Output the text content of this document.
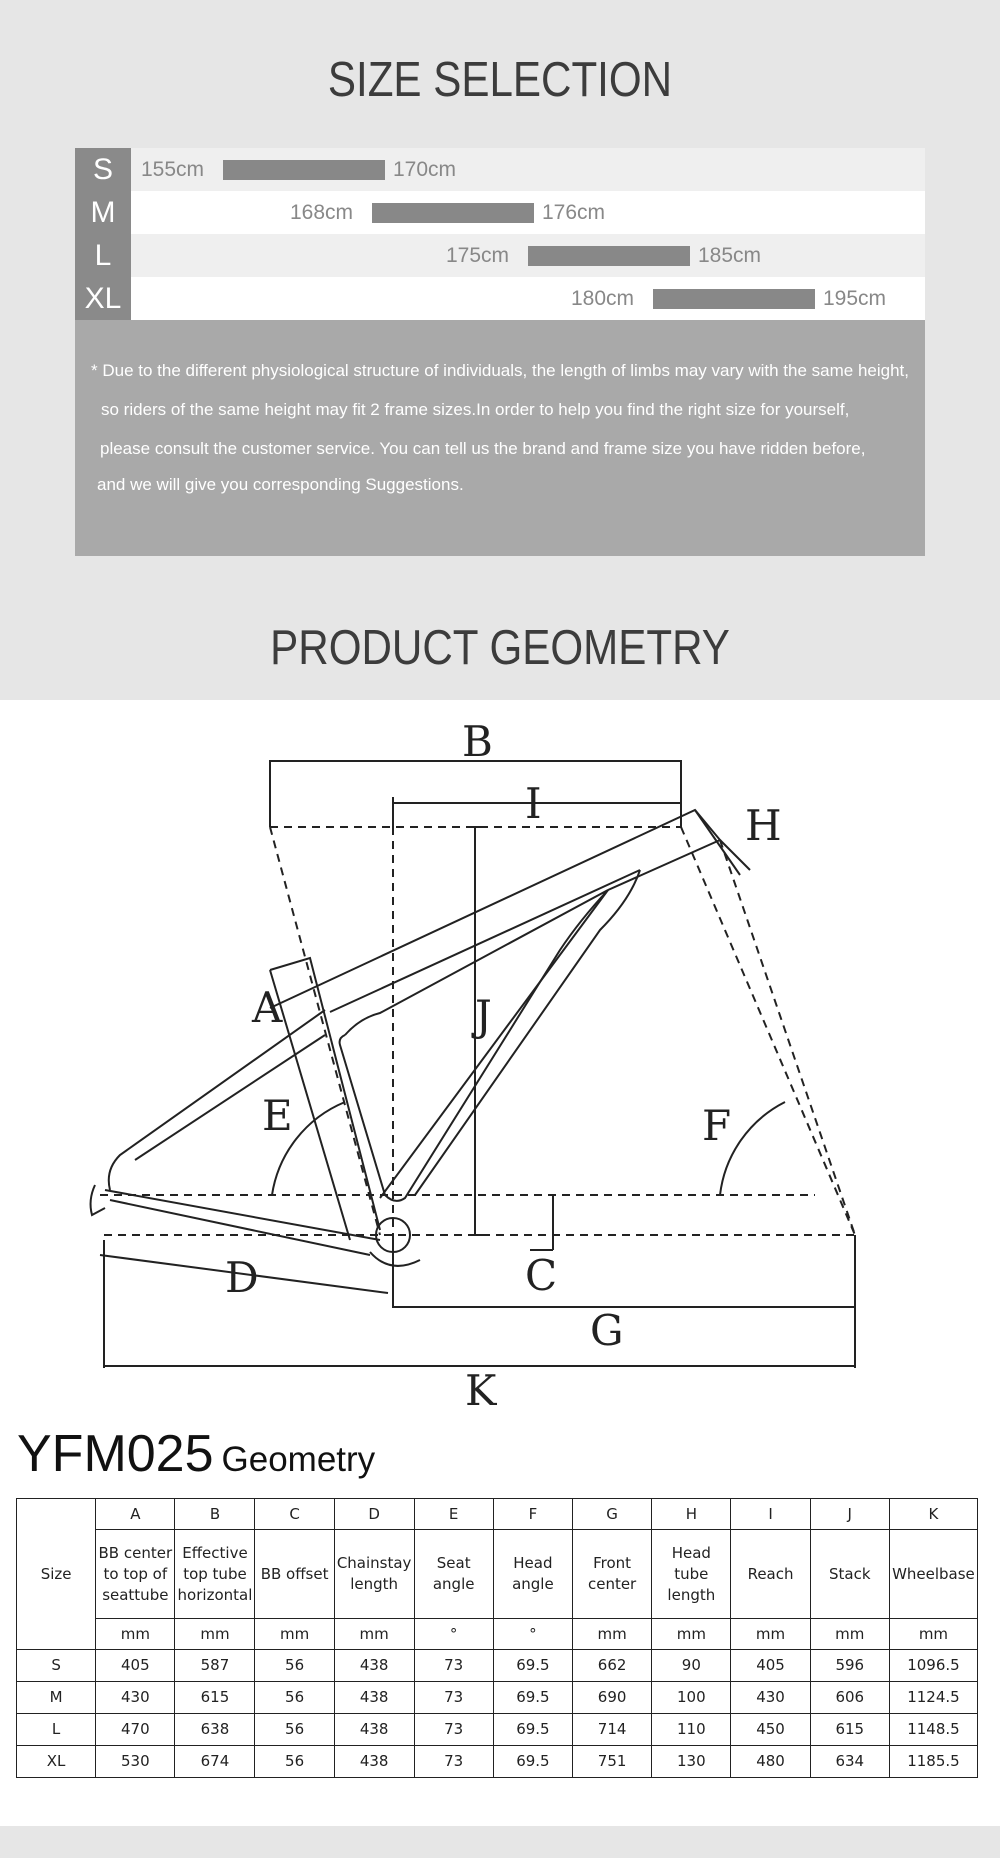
SIZE SELECTION
S	155cm	170cm
M	168cm	176cm
L	175cm	185cm
XL	180cm	195cm

* Due to the different physiological structure of individuals, the length of limbs may vary with the same height,

so riders of the same height may fit 2 frame sizes.In order to help you find the right size for yourself,

please consult the customer service. You can tell us the brand and frame size you have ridden before,

and we will give you corresponding Suggestions.

PRODUCT GEOMETRY
B
I	H
A	J
E	F
C
D
G
K
YFM025 Geometry
Size	A	B	C	D	E	F	G	H	I	J	K
	BB center to top of seattube	Effective top tube horizontal	BB offset	Chainstay length	Seat angle	Head angle	Front center	Head tube length	Reach	Stack	Wheelbase
	mm	mm	mm	mm	°	°	mm	mm	mm	mm	mm
S	405	587	56	438	73	69.5	662	90	405	596	1096.5
M	430	615	56	438	73	69.5	690	100	430	606	1124.5
L	470	638	56	438	73	69.5	714	110	450	615	1148.5
XL	530	674	56	438	73	69.5	751	130	480	634	1185.5
